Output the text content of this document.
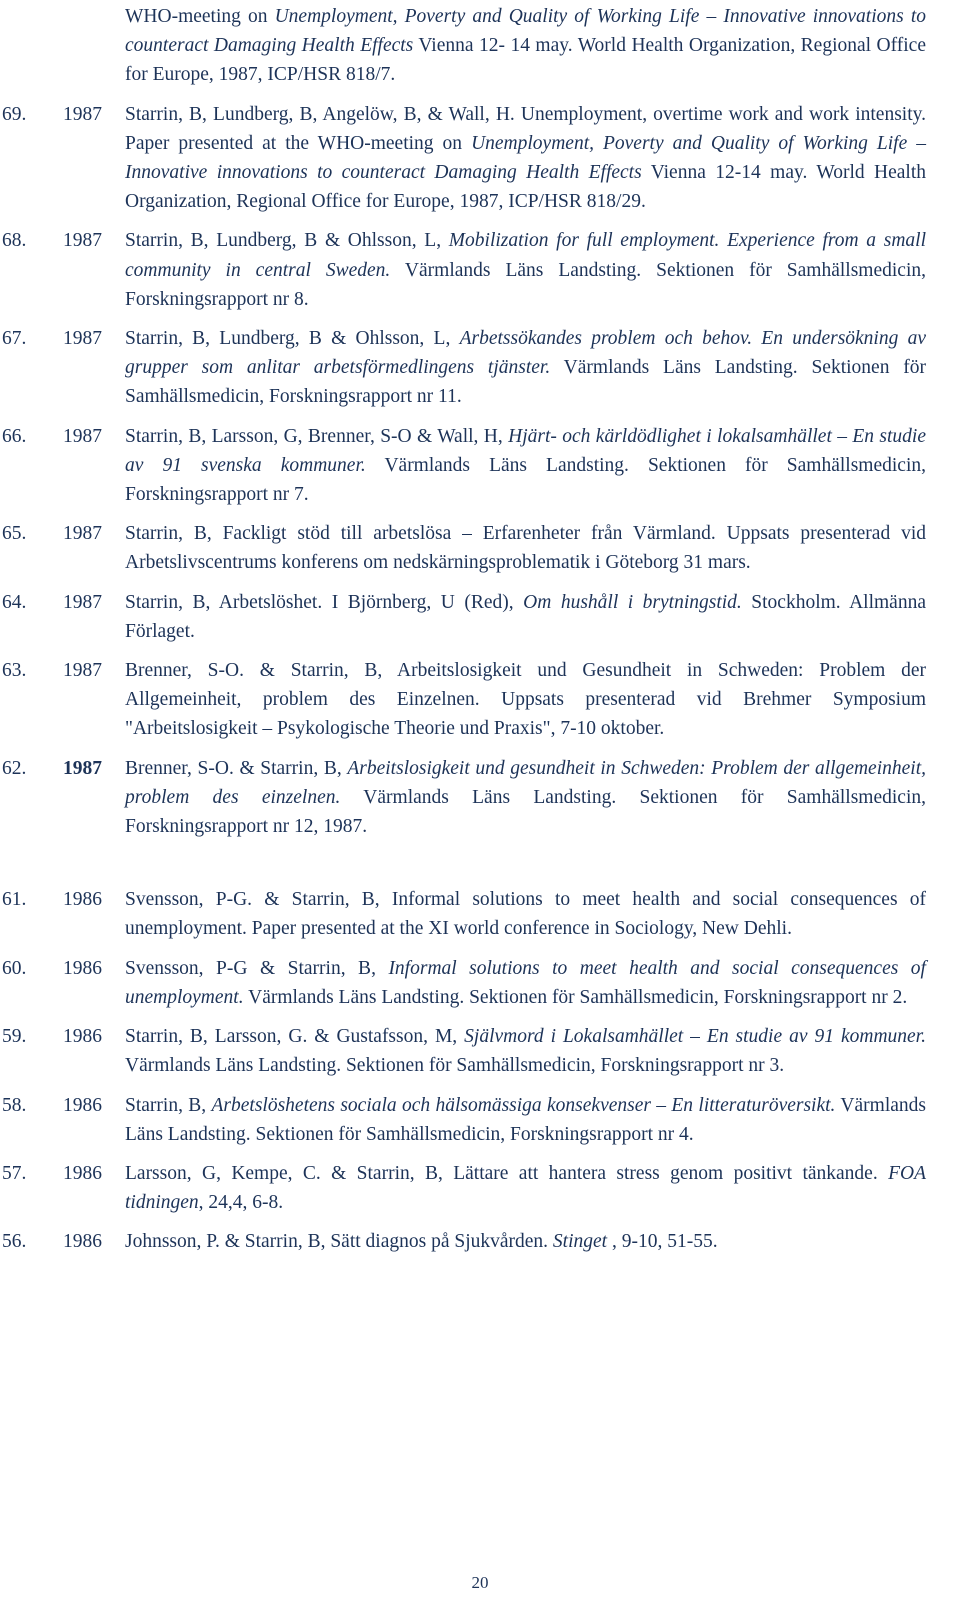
WHO-meeting on Unemployment, Poverty and Quality of Working Life – Innovative innovations to counteract Damaging Health Effects Vienna 12- 14 may. World Health Organization, Regional Office for Europe, 1987, ICP/HSR 818/7.
69. 1987 Starrin, B, Lundberg, B, Angelöw, B, & Wall, H. Unemployment, overtime work and work intensity. Paper presented at the WHO-meeting on Unemployment, Poverty and Quality of Working Life – Innovative innovations to counteract Damaging Health Effects Vienna 12-14 may. World Health Organization, Regional Office for Europe, 1987, ICP/HSR 818/29.
68. 1987 Starrin, B, Lundberg, B & Ohlsson, L, Mobilization for full employment. Experience from a small community in central Sweden. Värmlands Läns Landsting. Sektionen för Samhällsmedicin, Forskningsrapport nr 8.
67. 1987 Starrin, B, Lundberg, B & Ohlsson, L, Arbetssökandes problem och behov. En undersökning av grupper som anlitar arbetsförmedlingens tjänster. Värmlands Läns Landsting. Sektionen för Samhällsmedicin, Forskningsrapport nr 11.
66. 1987 Starrin, B, Larsson, G, Brenner, S-O & Wall, H, Hjärt- och kärldödlighet i lokalsamhället – En studie av 91 svenska kommuner. Värmlands Läns Landsting. Sektionen för Samhällsmedicin, Forskningsrapport nr 7.
65. 1987 Starrin, B, Fackligt stöd till arbetslösa – Erfarenheter från Värmland. Uppsats presenterad vid Arbetslivscentrums konferens om nedskärningsproblematik i Göteborg 31 mars.
64. 1987 Starrin, B, Arbetslöshet. I Björnberg, U (Red), Om hushåll i brytningstid. Stockholm. Allmänna Förlaget.
63. 1987 Brenner, S-O. & Starrin, B, Arbeitslosigkeit und Gesundheit in Schweden: Problem der Allgemeinheit, problem des Einzelnen. Uppsats presenterad vid Brehmer Symposium "Arbeitslosigkeit – Psykologische Theorie und Praxis", 7-10 oktober.
62. 1987 Brenner, S-O. & Starrin, B, Arbeitslosigkeit und gesundheit in Schweden: Problem der allgemeinheit, problem des einzelnen. Värmlands Läns Landsting. Sektionen för Samhällsmedicin, Forskningsrapport nr 12, 1987.
61. 1986 Svensson, P-G. & Starrin, B, Informal solutions to meet health and social consequences of unemployment. Paper presented at the XI world conference in Sociology, New Dehli.
60. 1986 Svensson, P-G & Starrin, B, Informal solutions to meet health and social consequences of unemployment. Värmlands Läns Landsting. Sektionen för Samhällsmedicin, Forskningsrapport nr 2.
59. 1986 Starrin, B, Larsson, G. & Gustafsson, M, Självmord i Lokalsamhället – En studie av 91 kommuner. Värmlands Läns Landsting. Sektionen för Samhällsmedicin, Forskningsrapport nr 3.
58. 1986 Starrin, B, Arbetslöshetens sociala och hälsomässiga konsekvenser – En litteraturöversikt. Värmlands Läns Landsting. Sektionen för Samhällsmedicin, Forskningsrapport nr 4.
57. 1986 Larsson, G, Kempe, C. & Starrin, B, Lättare att hantera stress genom positivt tänkande. FOA tidningen, 24,4, 6-8.
56. 1986 Johnsson, P. & Starrin, B, Sätt diagnos på Sjukvården. Stinget , 9-10, 51-55.
20
